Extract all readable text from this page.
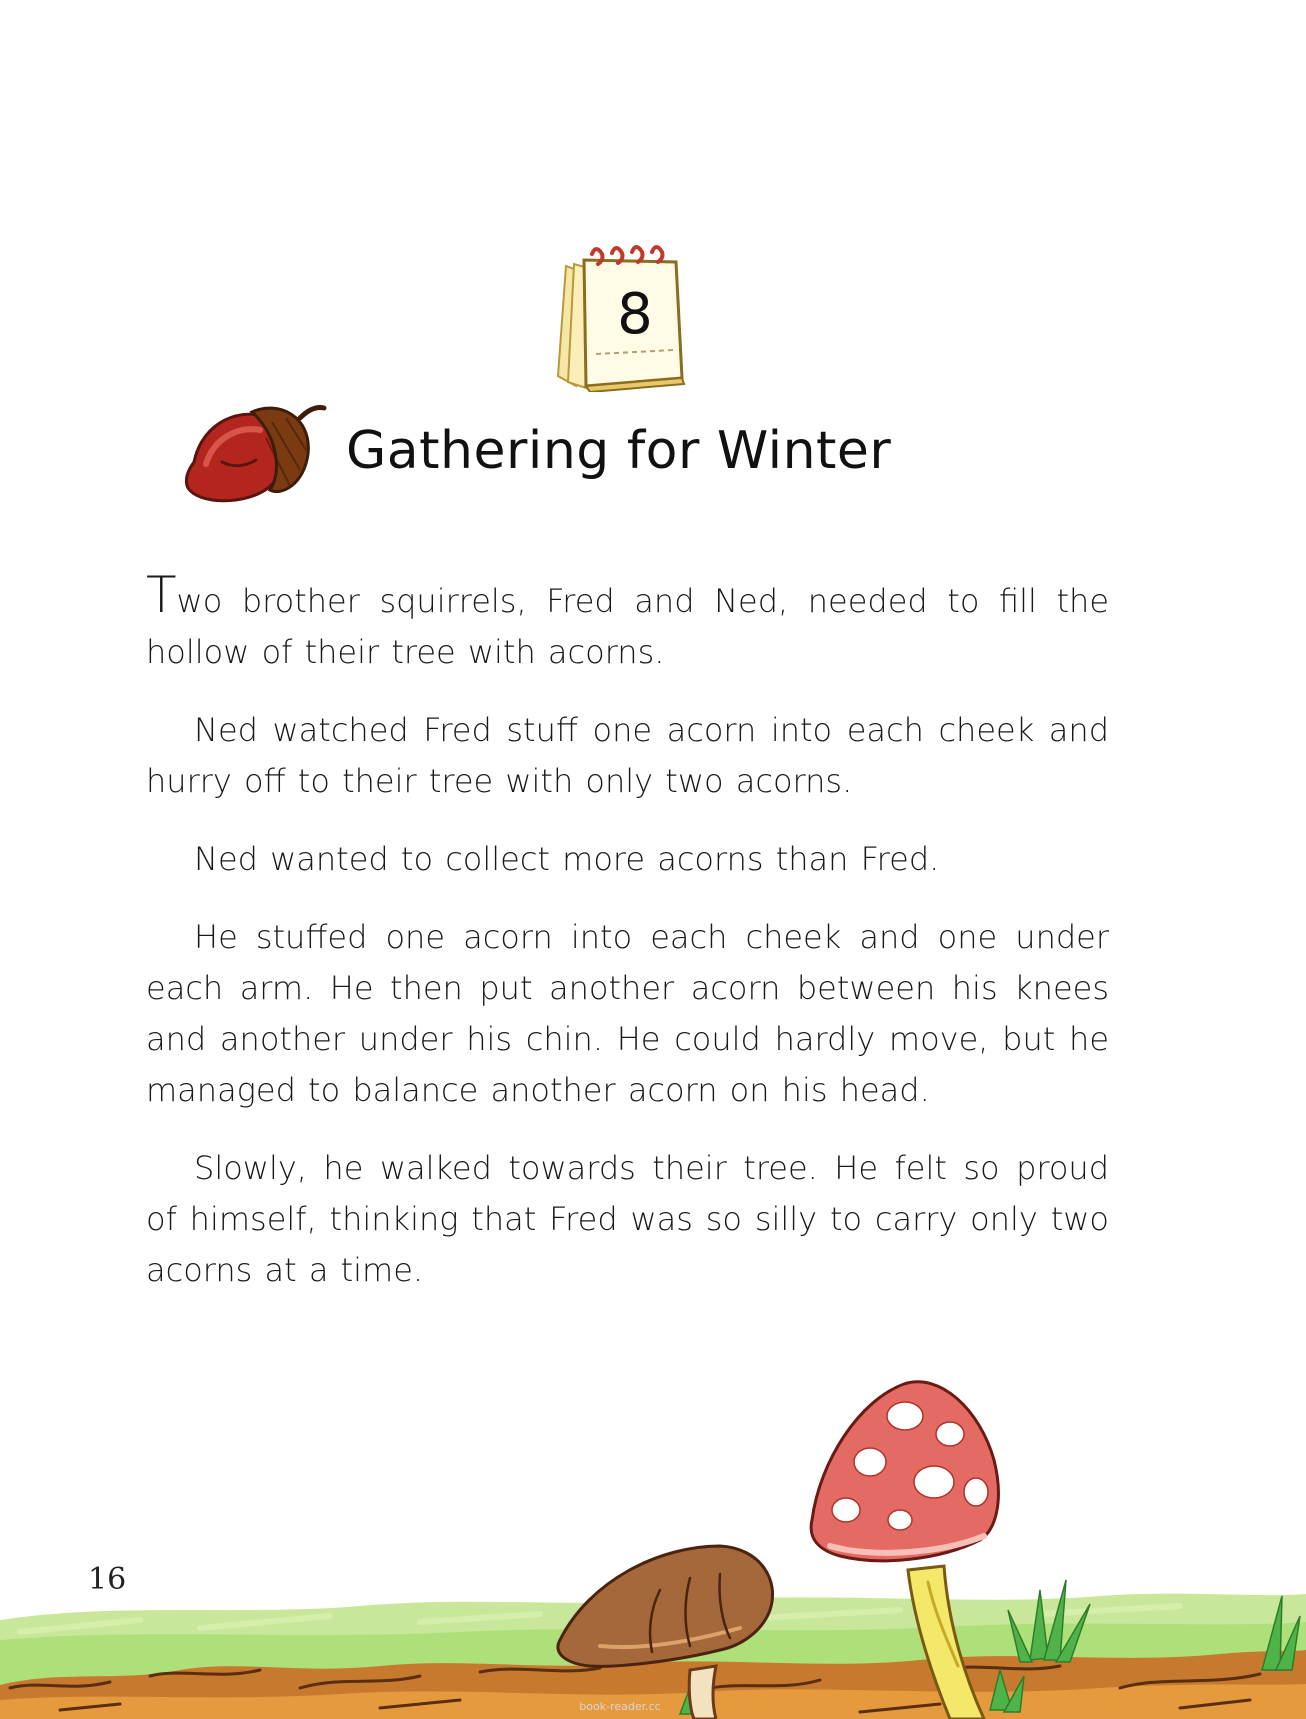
8
Gathering for Winter

Two brother squirrels, Fred and Ned, needed to fill the hollow of their tree with acorns.

Ned watched Fred stuff one acorn into each cheek and hurry off to their tree with only two acorns.

Ned wanted to collect more acorns than Fred.

He stuffed one acorn into each cheek and one under each arm. He then put another acorn between his knees and another under his chin. He could hardly move, but he managed to balance another acorn on his head.

Slowly, he walked towards their tree. He felt so proud of himself, thinking that Fred was so silly to carry only two acorns at a time.

16
book-reader.cc
